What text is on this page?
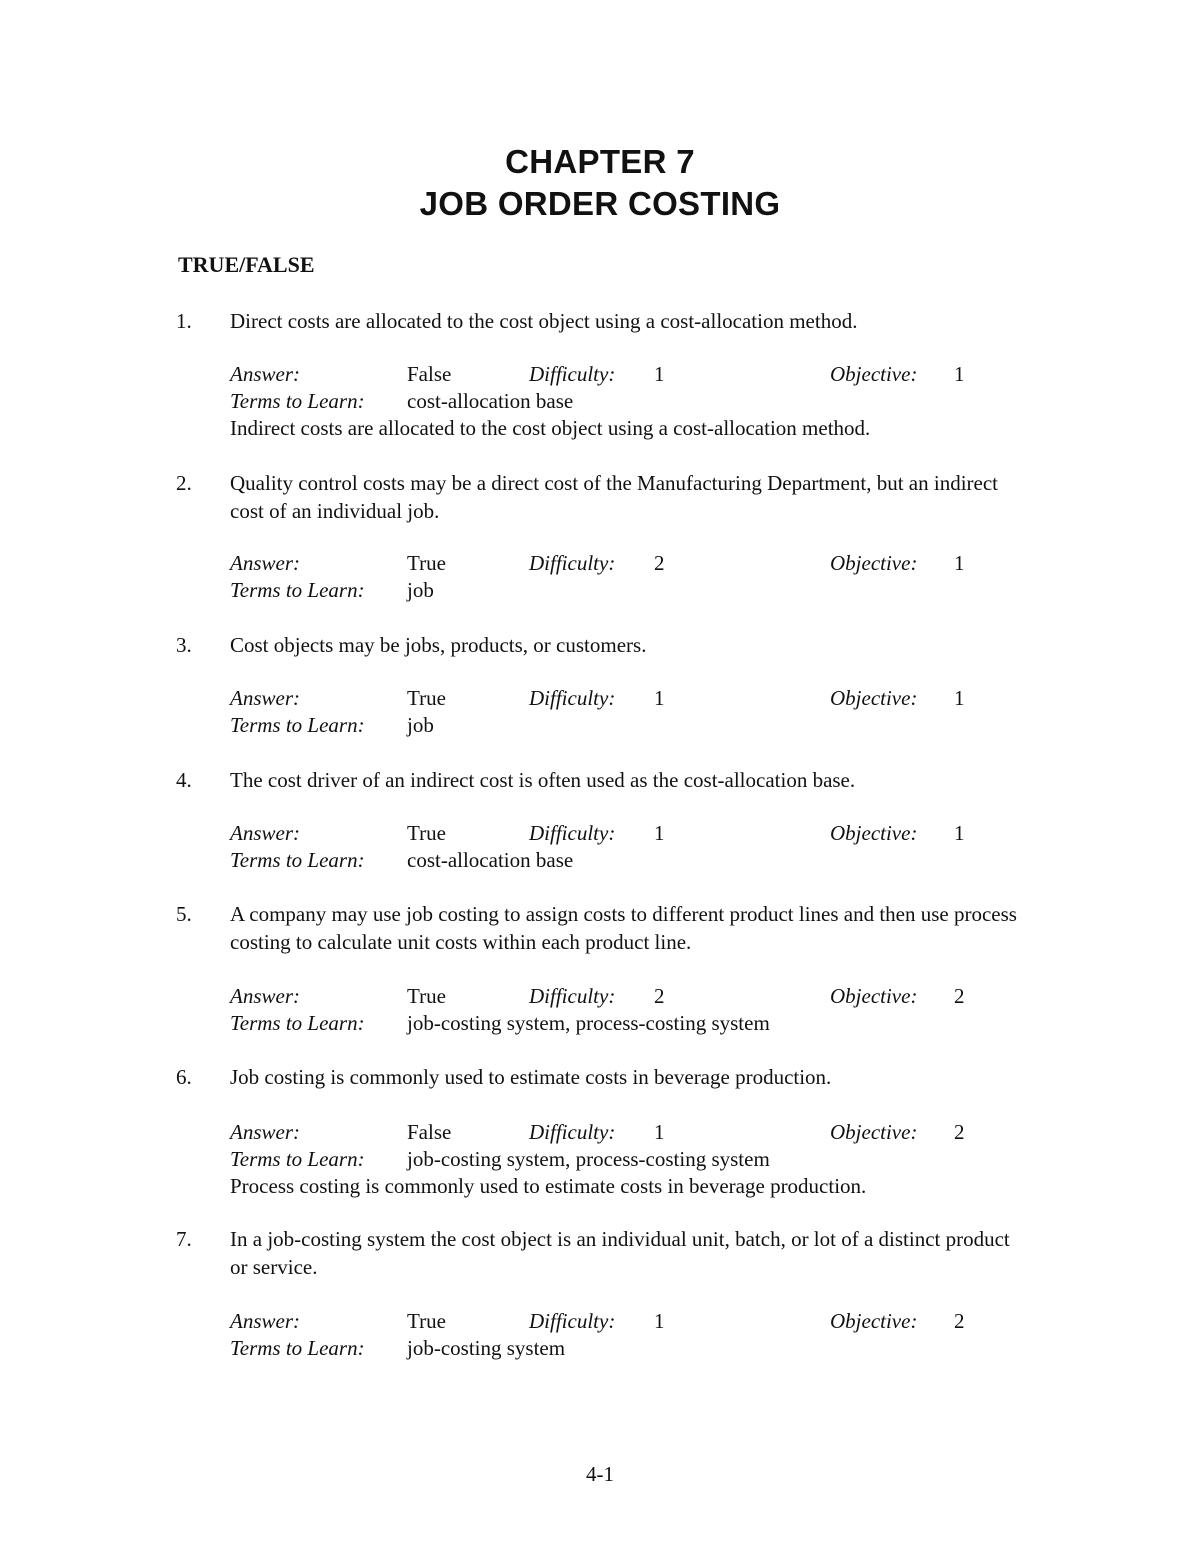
CHAPTER 7
JOB ORDER COSTING
TRUE/FALSE
1. Direct costs are allocated to the cost object using a cost-allocation method.
Answer:	False	Difficulty: 1	Objective: 1
Terms to Learn: cost-allocation base
Indirect costs are allocated to the cost object using a cost-allocation method.
2. Quality control costs may be a direct cost of the Manufacturing Department, but an indirect cost of an individual job.
Answer:	True	Difficulty: 2	Objective: 1
Terms to Learn: job
3. Cost objects may be jobs, products, or customers.
Answer:	True	Difficulty: 1	Objective: 1
Terms to Learn: job
4. The cost driver of an indirect cost is often used as the cost-allocation base.
Answer:	True	Difficulty: 1	Objective: 1
Terms to Learn: cost-allocation base
5. A company may use job costing to assign costs to different product lines and then use process costing to calculate unit costs within each product line.
Answer:	True	Difficulty: 2	Objective: 2
Terms to Learn: job-costing system, process-costing system
6. Job costing is commonly used to estimate costs in beverage production.
Answer:	False	Difficulty: 1	Objective: 2
Terms to Learn: job-costing system, process-costing system
Process costing is commonly used to estimate costs in beverage production.
7. In a job-costing system the cost object is an individual unit, batch, or lot of a distinct product or service.
Answer:	True	Difficulty: 1	Objective: 2
Terms to Learn: job-costing system
4-1
